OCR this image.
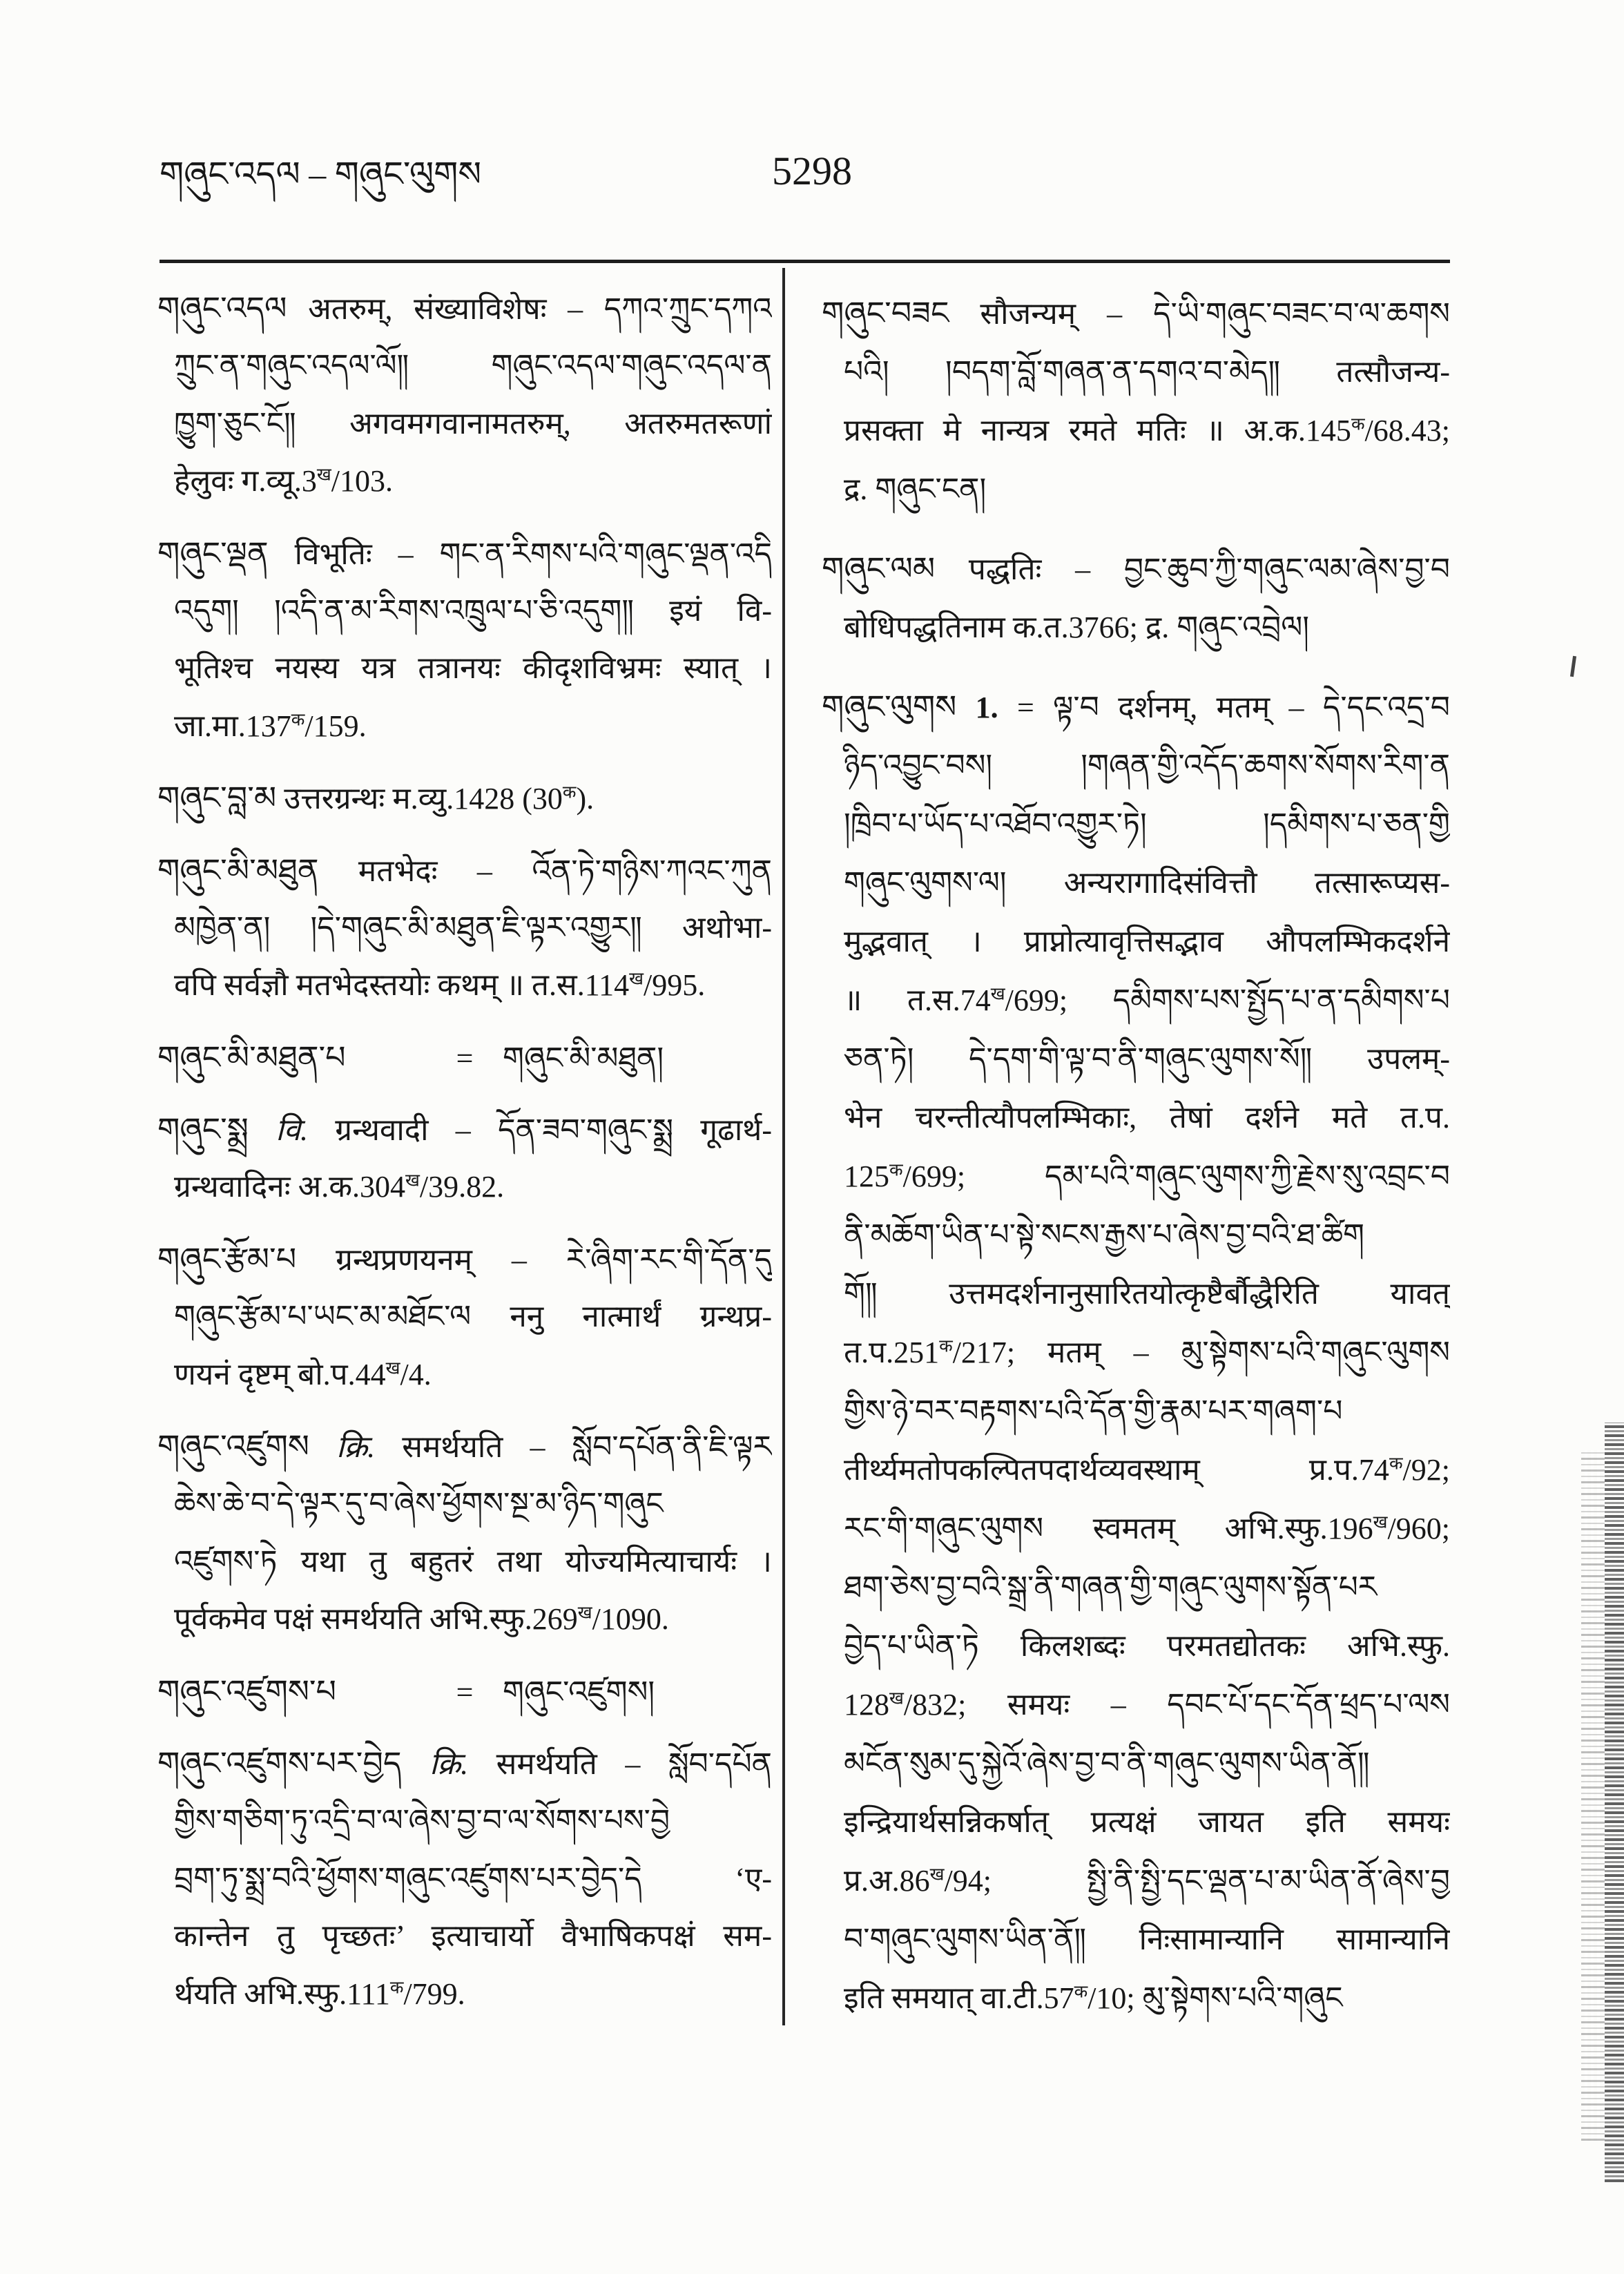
གཞུང་འདལ – གཞུང་ལུགས	5298
གཞུང་འདལ अतरुम्, संख्याविशेषः – དཀའ་ཀྲུང་དཀའ
ཀྲུང་ན་གཞུང་འདལ་ལོ༎ གཞུང་འདལ་གཞུང་འདལ་ན
ཁྱུག་ཅུང་ངོ༎ अगवमगवानामतरुम्, अतरुमतरूणां
हेलुवः $ग.व्यू.3^ख/103$.
གཞུང་ལྡན विभूतिः – གང་ན་རིགས་པའི་གཞུང་ལྡན་འདི
འདུག། །འདི་ན་མ་རིགས་འཁྲུལ་པ་ཅི་འདུག༎ इयं वि-
भूतिश्च नयस्य यत्र तत्रानयः कीदृशविभ्रमः स्यात् ।
$जा.मा.137^क/159$.
གཞུང་བླ་མ उत्तरग्रन्थः म.व्यु.1428 $(30^क)$.
གཞུང་མི་མཐུན मतभेदः – འོན་ཏེ་གཉིས་ཀའང་ཀུན
མཁྱེན་ན། །དེ་གཞུང་མི་མཐུན་ཇི་ལྟར་འགྱུར༎ अथोभा-
वपि सर्वज्ञौ मतभेदस्तयोः कथम् ॥ $त.स.114^ख/995$.
གཞུང་མི་མཐུན་པ	= གཞུང་མི་མཐུན།
གཞུང་སྨྲ वि. ग्रन्थवादी – དོན་ཟབ་གཞུང་སྨྲ गूढार्थ-
ग्रन्थवादिनः $अ.क.304^ख/39.82$.
གཞུང་རྩོམ་པ ग्रन्थप्रणयनम् – རེ་ཞིག་རང་གི་དོན་དུ
གཞུང་རྩོམ་པ་ཡང་མ་མཐོང་ལ ननु नात्मार्थं ग्रन्थप्र-
णयनं दृष्टम् $बो.प.44^ख/4$.
གཞུང་འཛུགས क्रि. समर्थयति – སློབ་དཔོན་ནི་ཇི་ལྟར
ཆེས་ཆེ་བ་དེ་ལྟར་དུ་བ་ཞེས་ཕྱོགས་སྔ་མ་ཉིད་གཞུང
འཛུགས་ཏེ यथा तु बहुतरं तथा योज्यमित्याचार्यः ।
पूर्वकमेव पक्षं समर्थयति $अभि.स्फु.269^ख/1090$.
གཞུང་འཛུགས་པ	= གཞུང་འཛུགས།
གཞུང་འཛུགས་པར་བྱེད क्रि. समर्थयति – སློབ་དཔོན
གྱིས་གཅིག་ཏུ་འདྲི་བ་ལ་ཞེས་བྱ་བ་ལ་སོགས་པས་བྱེ
བྲག་ཏུ་སྨྲ་བའི་ཕྱོགས་གཞུང་འཛུགས་པར་བྱེད་དེ ‘ए-
कान्तेन तु पृच्छतः’ इत्याचार्यो वैभाषिकपक्षं सम-
र्थयति $अभि.स्फु.111^क/799$.
གཞུང་བཟང सौजन्यम् – དེ་ཡི་གཞུང་བཟང་བ་ལ་ཆགས
པའི། །བདག་བློ་གཞན་ན་དགའ་བ་མེད༎ तत्सौजन्य-
प्रसक्ता मे नान्यत्र रमते मतिः ॥ $अ.क.145^क/68.43$;
द्र. གཞུང་ངན།
གཞུང་ལམ पद्धतिः – བྱང་ཆུབ་ཀྱི་གཞུང་ལམ་ཞེས་བྱ་བ
बोधिपद्धतिनाम क.त.3766; द्र. གཞུང་འབྲེལ།
གཞུང་ལུགས 1. = ལྟ་བ दर्शनम्, मतम् – དེ་དང་འདྲ་བ
ཉིད་འབྱུང་བས། །གཞན་གྱི་འདོད་ཆགས་སོགས་རིག་ན
།ཁྲིབ་པ་ཡོད་པ་འཐོབ་འགྱུར་ཏེ། །དམིགས་པ་ཅན་གྱི
གཞུང་ལུགས་ལ། अन्यरागादिसंवित्तौ तत्सारूप्यस-
मुद्भवात् । प्राप्नोत्यावृत्तिसद्भाव औपलम्भिकदर्शने
॥ $त.स.74^ख/699$; དམིགས་པས་སྤྱོད་པ་ན་དམིགས་པ
ཅན་ཏེ། དེ་དག་གི་ལྟ་བ་ནི་གཞུང་ལུགས་སོ༎ उपलम्-
भेन चरन्तीत्यौपलम्भिकाः, तेषां दर्शने मते त.प.
$125^क/699$; དམ་པའི་གཞུང་ལུགས་ཀྱི་རྗེས་སུ་འབྲང་བ
ནི་མཆོག་ཡིན་པ་སྟེ་སངས་རྒྱས་པ་ཞེས་བྱ་བའི་ཐ་ཚིག
གོ༎ उत्तमदर्शनानुसारितयोत्कृष्टैर्बौद्धैरिति यावत्
$त.प.251^क/217$; मतम् – མུ་སྟེགས་པའི་གཞུང་ལུགས
གྱིས་ཉེ་བར་བརྟགས་པའི་དོན་གྱི་རྣམ་པར་གཞག་པ
तीर्थ्यमतोपकल्पितपदार्थव्यवस्थाम् $प्र.प.74^क/92$;
རང་གི་གཞུང་ལུགས स्वमतम् $अभि.स्फु.196^ख/960$;
ཐག་ཅེས་བྱ་བའི་སྒྲ་ནི་གཞན་གྱི་གཞུང་ལུགས་སྟོན་པར
བྱེད་པ་ཡིན་ཏེ किलशब्दः परमतद्योतकः अभि.स्फु.
$128^ख/832$; समयः – དབང་པོ་དང་དོན་ཕྲད་པ་ལས
མངོན་སུམ་དུ་སྐྱེའོ་ཞེས་བྱ་བ་ནི་གཞུང་ལུགས་ཡིན་ནོ༎
इन्द्रियार्थसन्निकर्षात् प्रत्यक्षं जायत इति समयः
$प्र.अ.86^ख/94$; སྤྱི་ནི་སྤྱི་དང་ལྡན་པ་མ་ཡིན་ནོ་ཞེས་བྱ
བ་གཞུང་ལུགས་ཡིན་ནོ༎ निःसामान्यानि सामान्यानि
इति समयात् $वा.टी.57^क/10$; མུ་སྟེགས་པའི་གཞུང
